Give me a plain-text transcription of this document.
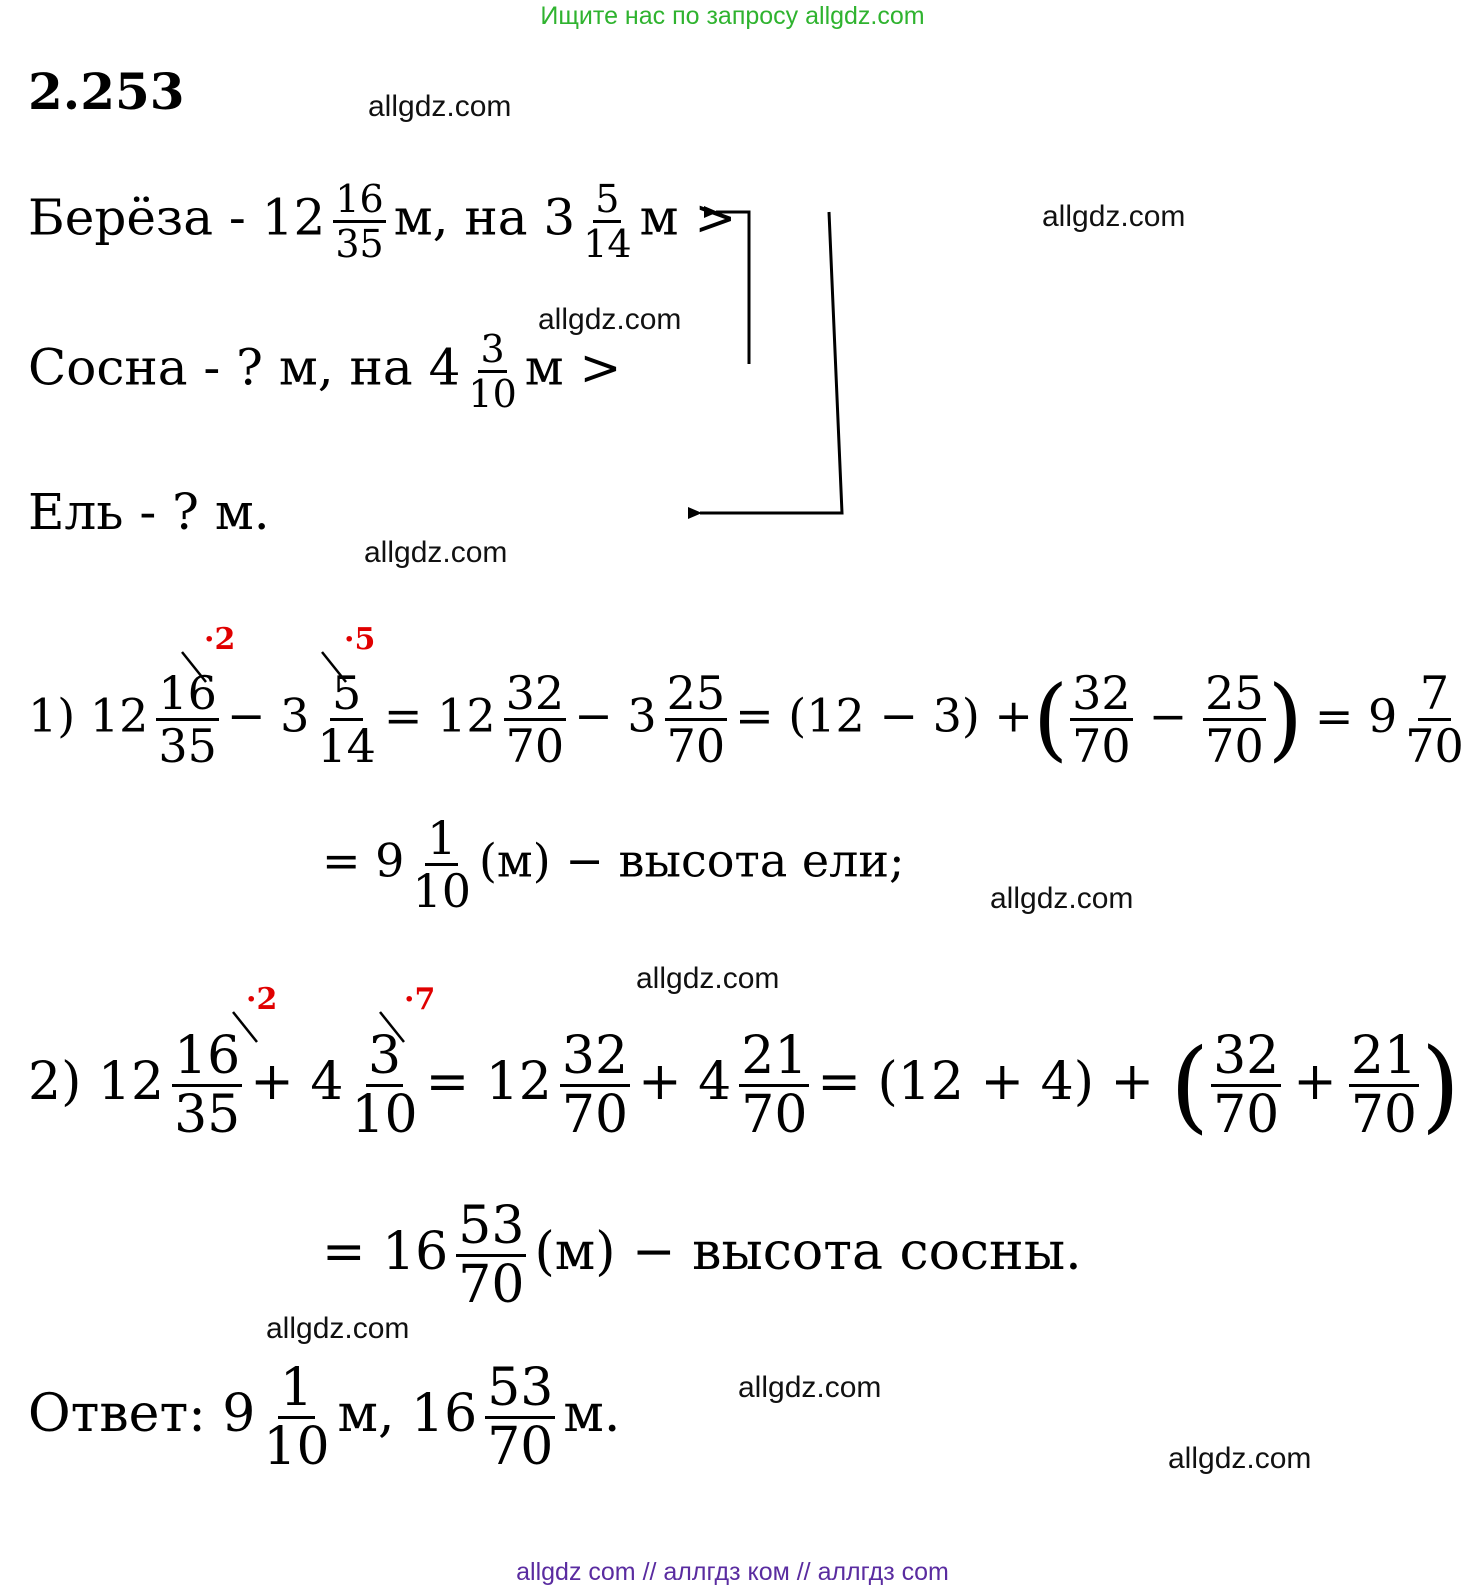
Ищите нас по запросу allgdz.com
2.253	allgdz.com
allgdz.com
allgdz.com
allgdz.com
allgdz.com
allgdz.com
allgdz.com
allgdz.com
allgdz.com
Берёза - $12 \frac{16}{35} м$, на $3 \frac{5}{14}$ м >
Сосна - ? м, на $4 \frac{3}{10}$ м >
Ель - ? м.
·2	·5
1) $12 \frac{16}{35} - 3 \frac{5}{14} = 12 \frac{32}{70} - 3 \frac{25}{70} = (12 - 3)$ +( $\frac{32}{70} - \frac{25}{70}$ ) = $9 \frac{7}{70}$
= $9 \frac{1}{10} (м)$ − высота ели;
·2	·7
2) $12 \frac{16}{35} + 4 \frac{3}{10} = 12 \frac{32}{70} + 4 \frac{21}{70} = (12 + 4)$ + ( $\frac{32}{70} + \frac{21}{70}$ )
= $16 \frac{53}{70} (м)$ − высота сосны.
Ответ: $9 \frac{1}{10} м$, $16 \frac{53}{70} м$.
allgdz com // аллгдз ком // аллгдз com
